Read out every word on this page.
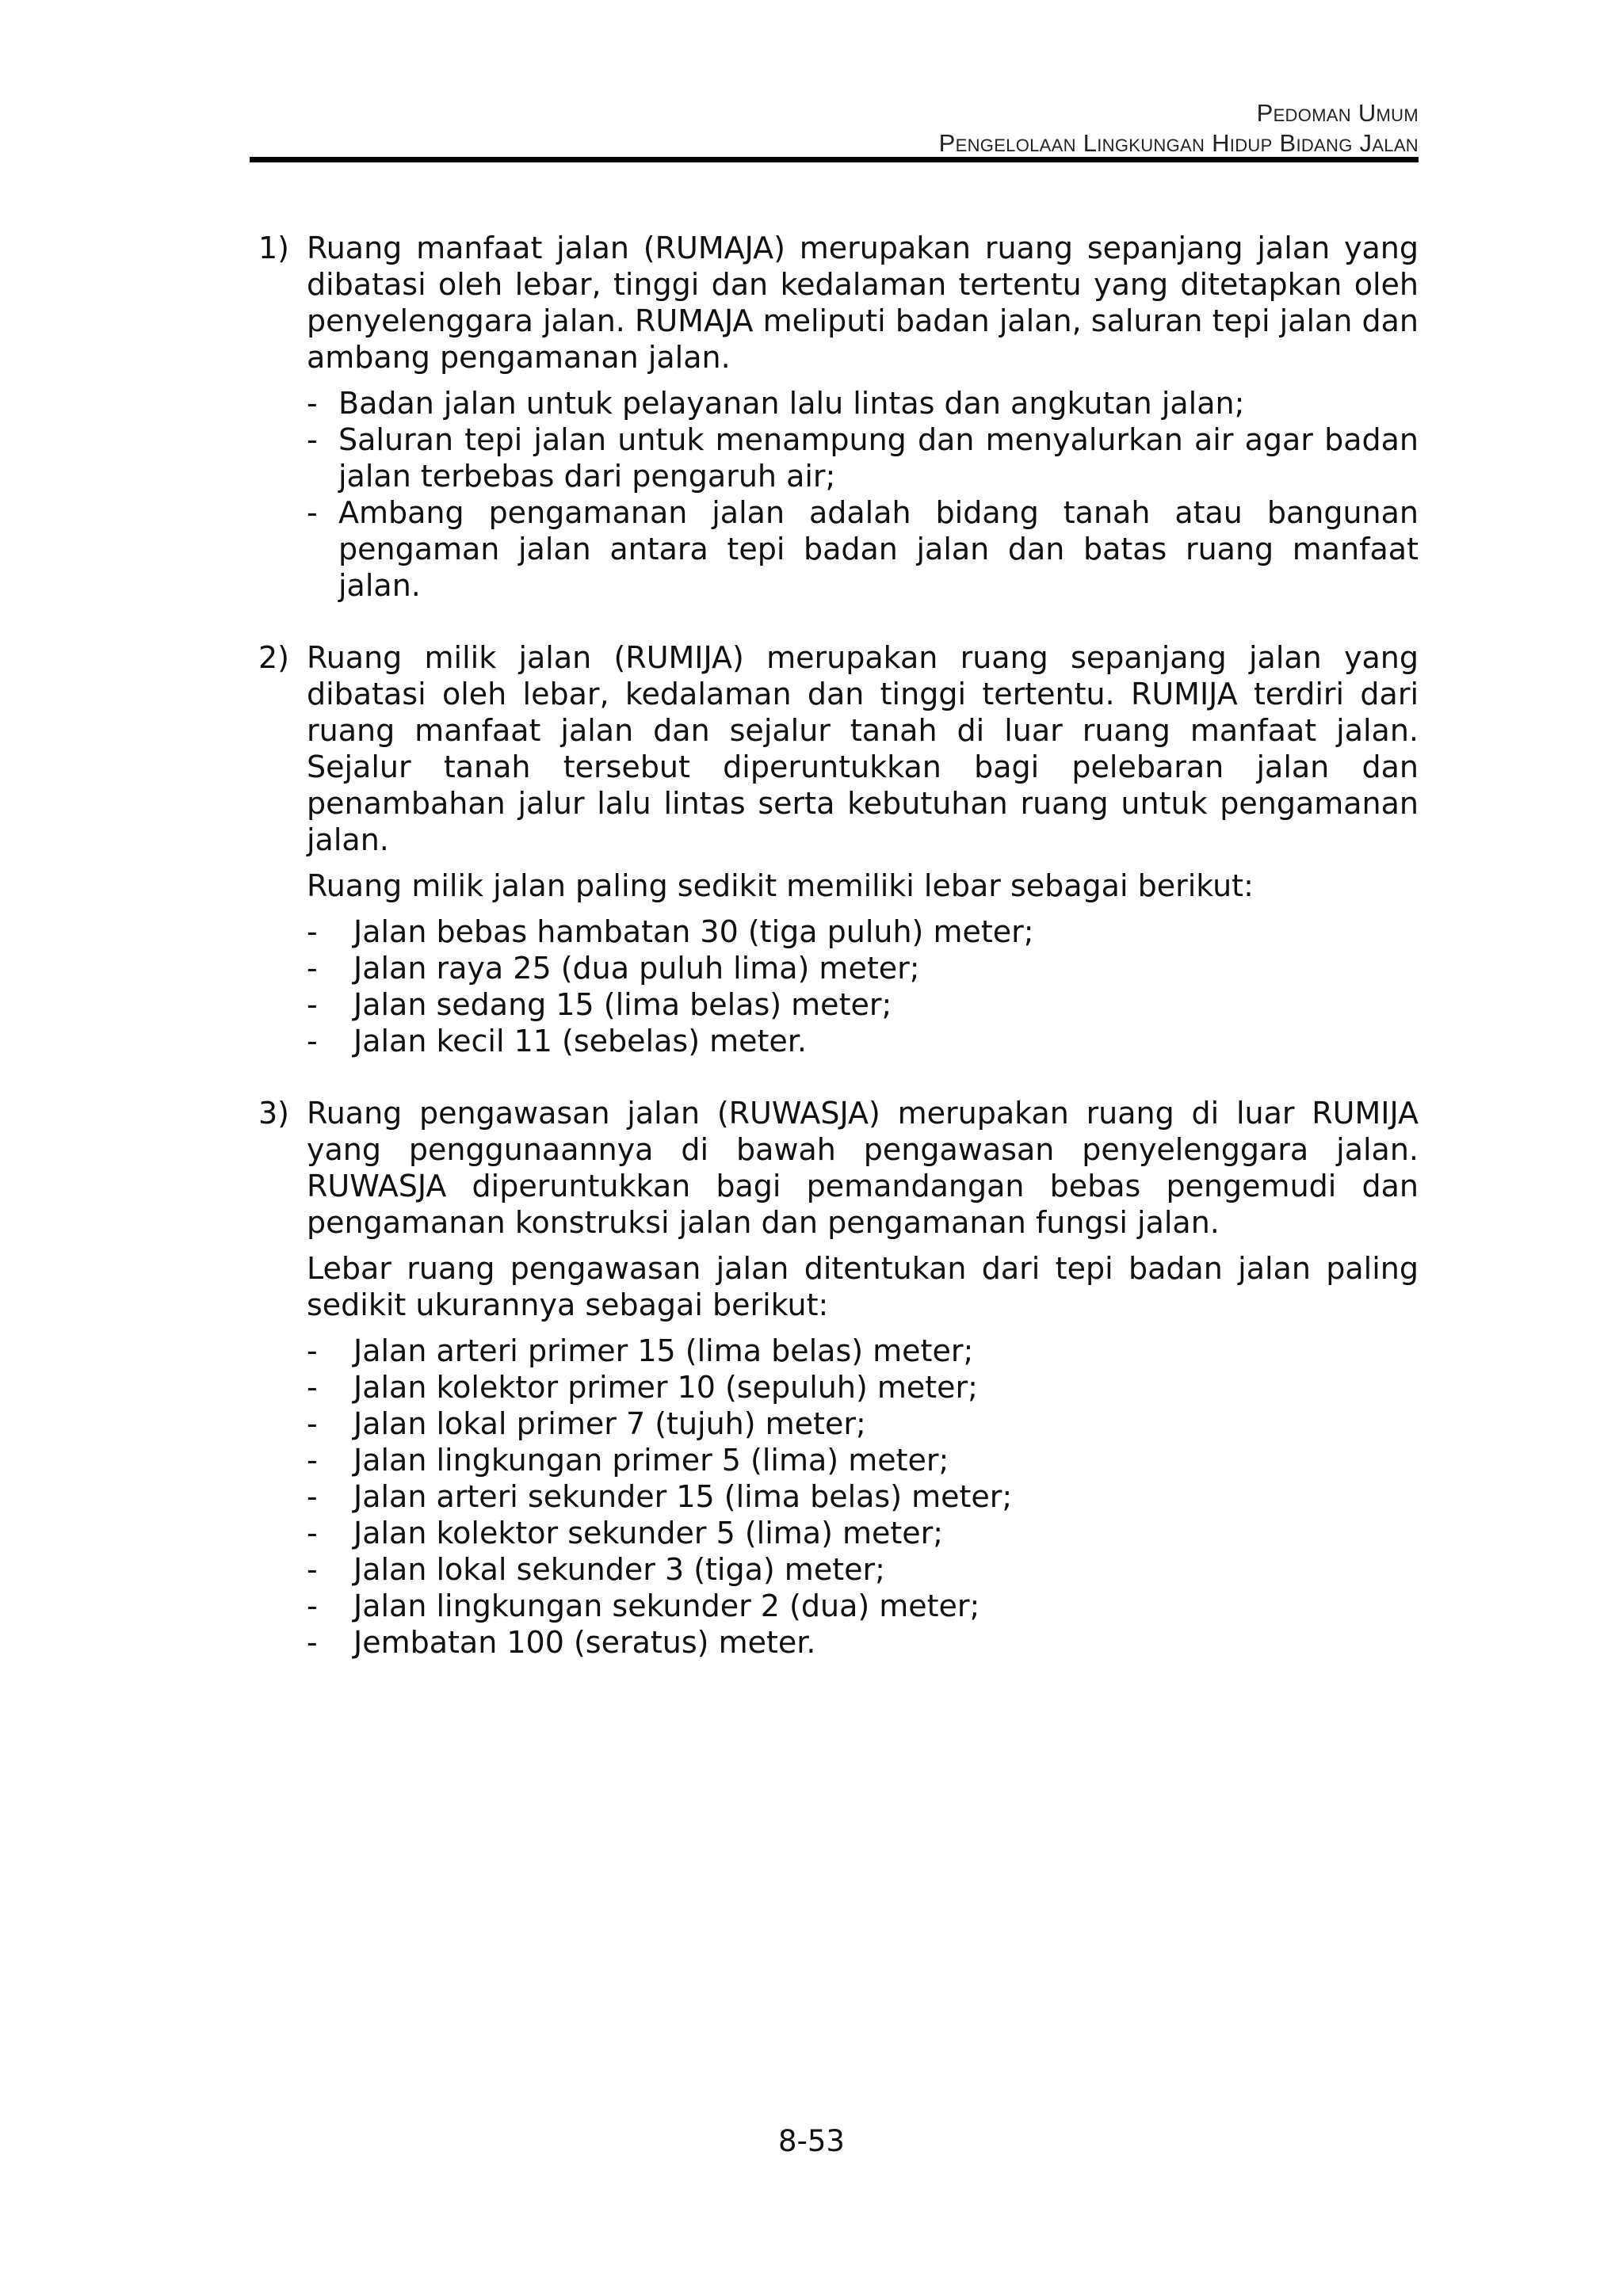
Pedoman Umum
Pengelolaan Lingkungan Hidup Bidang Jalan
1) Ruang manfaat jalan (RUMAJA) merupakan ruang sepanjang jalan yang dibatasi oleh lebar, tinggi dan kedalaman tertentu yang ditetapkan oleh penyelenggara jalan. RUMAJA meliputi badan jalan, saluran tepi jalan dan ambang pengamanan jalan.

- Badan jalan untuk pelayanan lalu lintas dan angkutan jalan;
- Saluran tepi jalan untuk menampung dan menyalurkan air agar badan jalan terbebas dari pengaruh air;
- Ambang pengamanan jalan adalah bidang tanah atau bangunan pengaman jalan antara tepi badan jalan dan batas ruang manfaat jalan.
2) Ruang milik jalan (RUMIJA) merupakan ruang sepanjang jalan yang dibatasi oleh lebar, kedalaman dan tinggi tertentu. RUMIJA terdiri dari ruang manfaat jalan dan sejalur tanah di luar ruang manfaat jalan. Sejalur tanah tersebut diperuntukkan bagi pelebaran jalan dan penambahan jalur lalu lintas serta kebutuhan ruang untuk pengamanan jalan.

Ruang milik jalan paling sedikit memiliki lebar sebagai berikut:

- Jalan bebas hambatan 30 (tiga puluh) meter;
- Jalan raya 25 (dua puluh lima) meter;
- Jalan sedang 15 (lima belas) meter;
- Jalan kecil 11 (sebelas) meter.
3) Ruang pengawasan jalan (RUWASJA) merupakan ruang di luar RUMIJA yang penggunaannya di bawah pengawasan penyelenggara jalan. RUWASJA diperuntukkan bagi pemandangan bebas pengemudi dan pengamanan konstruksi jalan dan pengamanan fungsi jalan.

Lebar ruang pengawasan jalan ditentukan dari tepi badan jalan paling sedikit ukurannya sebagai berikut:

- Jalan arteri primer 15 (lima belas) meter;
- Jalan kolektor primer 10 (sepuluh) meter;
- Jalan lokal primer 7 (tujuh) meter;
- Jalan lingkungan primer 5 (lima) meter;
- Jalan arteri sekunder 15 (lima belas) meter;
- Jalan kolektor sekunder 5 (lima) meter;
- Jalan lokal sekunder 3 (tiga) meter;
- Jalan lingkungan sekunder 2 (dua) meter;
- Jembatan 100 (seratus) meter.
8-53
